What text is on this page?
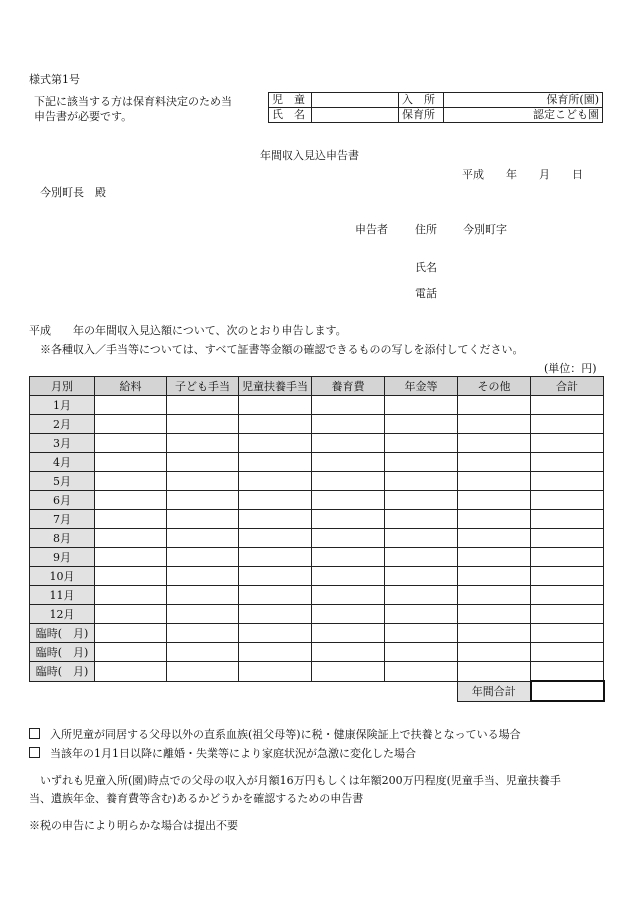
様式第1号
下記に該当する方は保育料決定のため当
申告書が必要です。
児　童		入　所	保育所(園)
氏　名		保育所	認定こども園
年間収入見込申告書
平成　　年　　月　　日
今別町長　殿
申告者 住所 今別町字
氏名
電話
平成　　年の年間収入見込額について、次のとおり申告します。
※各種収入／手当等については、すべて証書等金額の確認できるものの写しを添付してください。
(単位：円)
月別	給料	子ども手当	児童扶養手当	養育費	年金等	その他	合計
1月							
2月							
3月							
4月							
5月							
6月							
7月							
8月							
9月							
10月							
11月							
12月							
臨時(　月)							
臨時(　月)							
臨時(　月)							
						年間合計	
入所児童が同居する父母以外の直系血族(祖父母等)に税・健康保険証上で扶養となっている場合
当該年の1月1日以降に離婚・失業等により家庭状況が急激に変化した場合
いずれも児童入所(園)時点での父母の収入が月額16万円もしくは年額200万円程度(児童手当、児童扶養手
当、遺族年金、養育費等含む)あるかどうかを確認するための申告書
※税の申告により明らかな場合は提出不要
